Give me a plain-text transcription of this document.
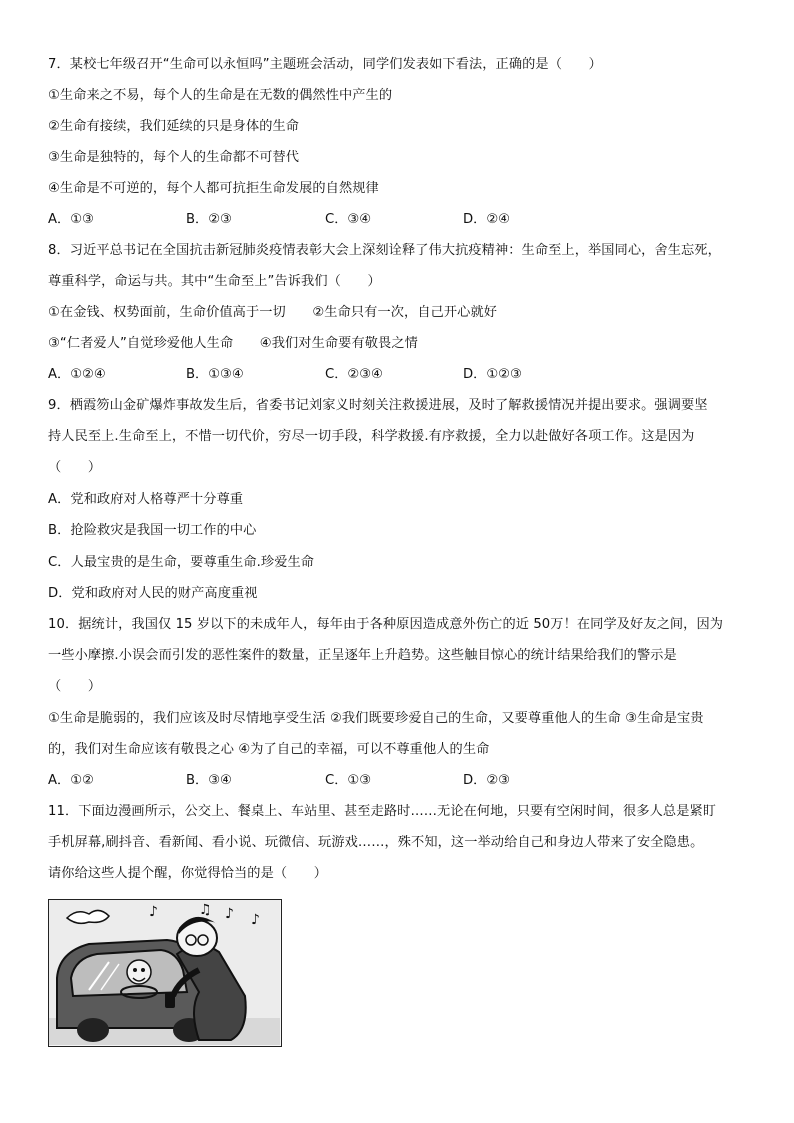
7．某校七年级召开“生命可以永恒吗”主题班会活动，同学们发表如下看法，正确的是（　　）
①生命来之不易，每个人的生命是在无数的偶然性中产生的
②生命有接续，我们延续的只是身体的生命
③生命是独特的，每个人的生命都不可替代
④生命是不可逆的，每个人都可抗拒生命发展的自然规律
A．①③	B．②③	C．③④	D．②④
8．习近平总书记在全国抗击新冠肺炎疫情表彰大会上深刻诠释了伟大抗疫精神：生命至上，举国同心，舍生忘死，
尊重科学，命运与共。其中“生命至上”告诉我们（　　）
①在金钱、权势面前，生命价值高于一切　　②生命只有一次，自己开心就好
③“仁者爱人”自觉珍爱他人生命　　④我们对生命要有敬畏之情
A．①②④	B．①③④	C．②③④	D．①②③
9．栖霞笏山金矿爆炸事故发生后，省委书记刘家义时刻关注救援进展，及时了解救援情况并提出要求。强调要坚
持人民至上.生命至上，不惜一切代价，穷尽一切手段，科学救援.有序救援，全力以赴做好各项工作。这是因为
（　　）
A．党和政府对人格尊严十分尊重
B．抢险救灾是我国一切工作的中心
C．人最宝贵的是生命，要尊重生命.珍爱生命
D．党和政府对人民的财产高度重视
10．据统计，我国仅 15 岁以下的未成年人，每年由于各种原因造成意外伤亡的近 50万！在同学及好友之间，因为
一些小摩擦.小误会而引发的恶性案件的数量，正呈逐年上升趋势。这些触目惊心的统计结果给我们的警示是
（　　）
①生命是脆弱的，我们应该及时尽情地享受生活 ②我们既要珍爱自己的生命，又要尊重他人的生命 ③生命是宝贵
的，我们对生命应该有敬畏之心 ④为了自己的幸福，可以不尊重他人的生命
A．①②	B．③④	C．①③	D．②③
11．下面边漫画所示，公交上、餐桌上、车站里、甚至走路时……无论在何地，只要有空闲时间，很多人总是紧盯
手机屏幕,刷抖音、看新闻、看小说、玩微信、玩游戏……，殊不知，这一举动给自己和身边人带来了安全隐患。
请你给这些人提个醒，你觉得恰当的是（　　）
♪	♫ ♪ ♪
